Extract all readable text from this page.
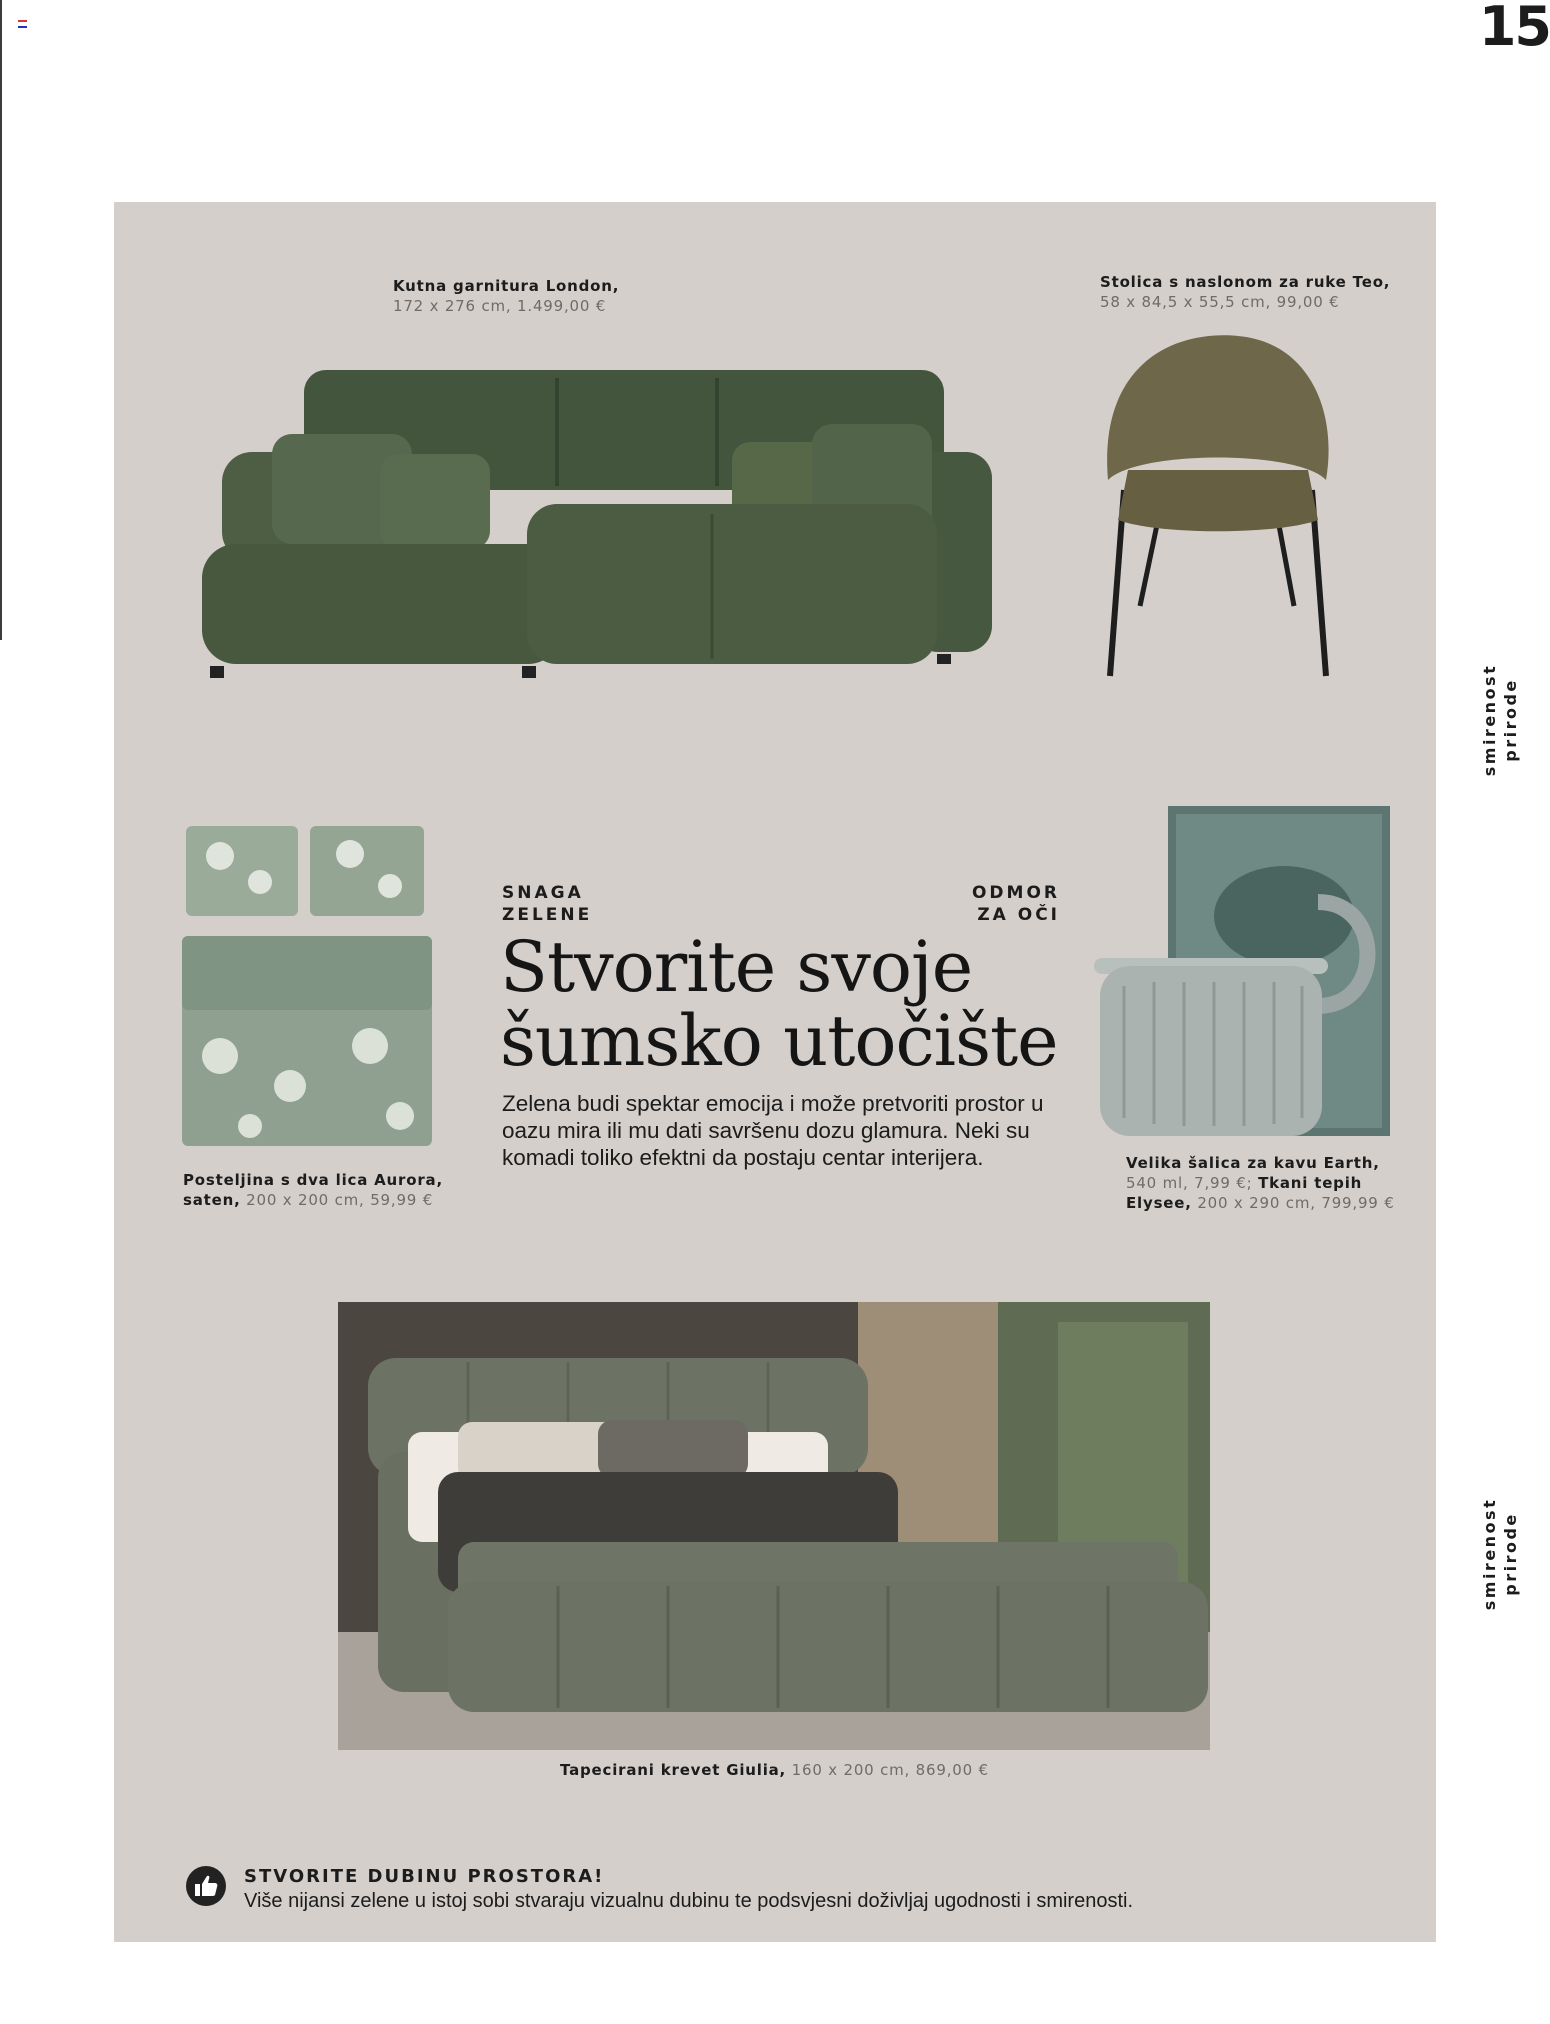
15
smirenost prirode
smirenost prirode
Kutna garnitura London,
172 x 276 cm, 1.499,00 €
Stolica s naslonom za ruke Teo,
58 x 84,5 x 55,5 cm, 99,00 €
Posteljina s dva lica Aurora,
saten, 200 x 200 cm, 59,99 €
SNAGA
ZELENE
ODMOR
ZA OČI
Stvorite svoje
šumsko utočište
Zelena budi spektar emocija i može pretvoriti prostor u oazu mira ili mu dati savršenu dozu glamura. Neki su komadi toliko efektni da postaju centar interijera.	Velika šalica za kavu Earth,
540 ml, 7,99 €; Tkani tepih
Elysee, 200 x 290 cm, 799,99 €
Tapecirani krevet Giulia, 160 x 200 cm, 869,00 €
STVORITE DUBINU PROSTORA!
Više nijansi zelene u istoj sobi stvaraju vizualnu dubinu te podsvjesni doživljaj ugodnosti i smirenosti.
